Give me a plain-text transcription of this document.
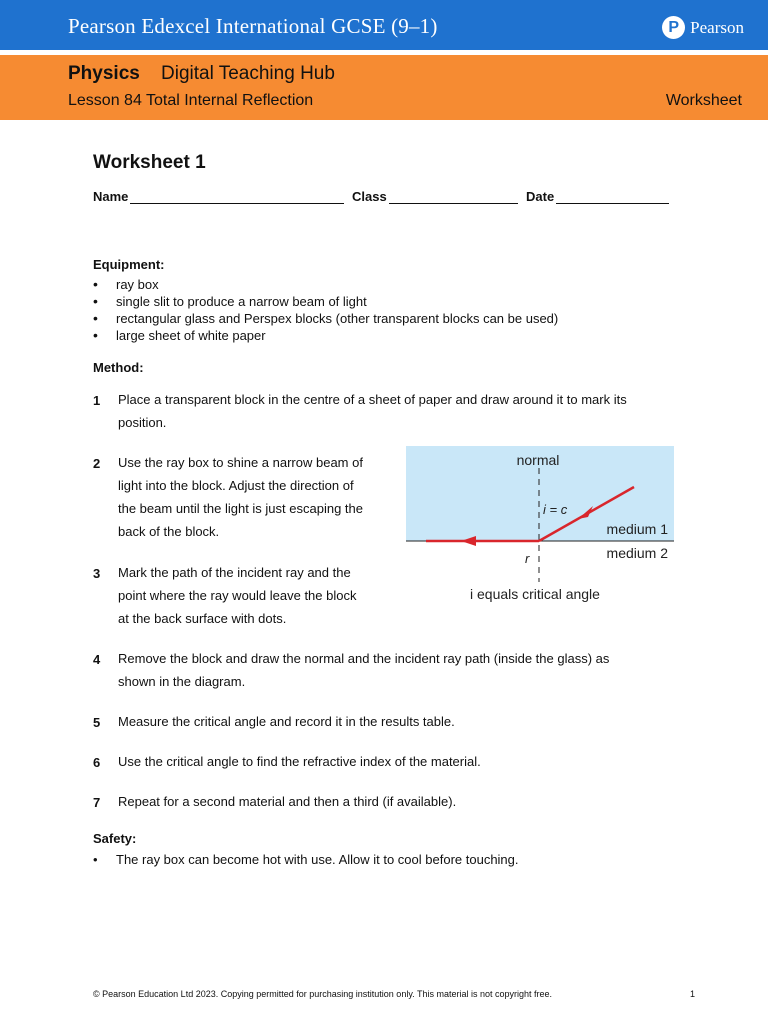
Pearson Edexcel International GCSE (9–1)	P Pearson
Physics Digital Teaching Hub
Lesson 84 Total Internal Reflection	Worksheet
Worksheet 1
Name	Class	Date
Equipment:
• ray box
• single slit to produce a narrow beam of light
• rectangular glass and Perspex blocks (other transparent blocks can be used)
• large sheet of white paper
Method:
1 Place a transparent block in the centre of a sheet of paper and draw around it to mark its
position.
2 Use the ray box to shine a narrow beam of
light into the block. Adjust the direction of
the beam until the light is just escaping the
back of the block.
3 Mark the path of the incident ray and the
point where the ray would leave the block
at the back surface with dots.
4 Remove the block and draw the normal and the incident ray path (inside the glass) as
shown in the diagram.
5 Measure the critical angle and record it in the results table.
6 Use the critical angle to find the refractive index of the material.
7 Repeat for a second material and then a third (if available).
normal
i = c
medium 1
medium 2
r
i equals critical angle
Safety:
• The ray box can become hot with use. Allow it to cool before touching.
© Pearson Education Ltd 2023. Copying permitted for purchasing institution only. This material is not copyright free.	1
